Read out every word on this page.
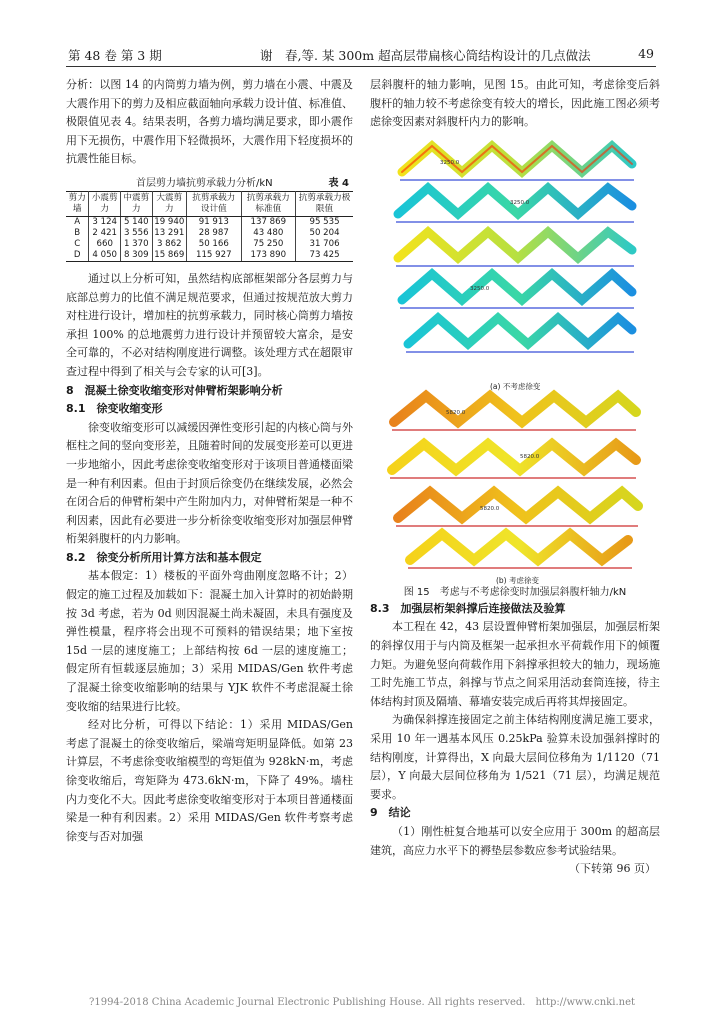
第 48 卷 第 3 期	谢　春,等. 某 300m 超高层带扁核心筒结构设计的几点做法	49

分析：以图 14 的内筒剪力墙为例，剪力墙在小震、中震及大震作用下的剪力及相应截面轴向承载力设计值、标准值、极限值见表 4。结果表明，各剪力墙均满足要求，即小震作用下无损伤，中震作用下轻微损坏，大震作用下轻度损坏的抗震性能目标。

首层剪力墙抗剪承载力分析/kN	表 4
剪力墙	小震剪力	中震剪力	大震剪力	抗剪承载力设计值	抗剪承载力标准值	抗剪承载力极限值
A	3 124	5 140	19 940	91 913	137 869	95 535
B	2 421	3 556	13 291	28 987	43 480	50 204
C	660	1 370	3 862	50 166	75 250	31 706
D	4 050	8 309	15 869	115 927	173 890	73 425

通过以上分析可知，虽然结构底部框架部分各层剪力与底部总剪力的比值不满足规范要求，但通过按规范放大剪力对柱进行设计，增加柱的抗剪承载力，同时核心筒剪力墙按承担 100% 的总地震剪力进行设计并预留较大富余，是安全可靠的，不必对结构刚度进行调整。该处理方式在超限审查过程中得到了相关与会专家的认可[3]。

8　混凝土徐变收缩变形对伸臂桁架影响分析

8.1　徐变收缩变形

徐变收缩变形可以减缓因弹性变形引起的内核心筒与外框柱之间的竖向变形差，且随着时间的发展变形差可以更进一步地缩小，因此考虑徐变收缩变形对于该项目普通楼面梁是一种有利因素。但由于封顶后徐变仍在继续发展，必然会在闭合后的伸臂桁架中产生附加内力，对伸臂桁架是一种不利因素，因此有必要进一步分析徐变收缩变形对加强层伸臂桁架斜腹杆的内力影响。

8.2　徐变分析所用计算方法和基本假定

基本假定：1）楼板的平面外弯曲刚度忽略不计；2）假定的施工过程及加载如下：混凝土加入计算时的初始龄期按 3d 考虑，若为 0d 则因混凝土尚未凝固，未具有强度及弹性模量，程序将会出现不可预料的错误结果；地下室按 15d 一层的速度施工；上部结构按 6d 一层的速度施工；假定所有恒载逐层施加；3）采用 MIDAS/Gen 软件考虑了混凝土徐变收缩影响的结果与 YJK 软件不考虑混凝土徐变收缩的结果进行比较。

经对比分析，可得以下结论：1）采用 MIDAS/Gen 考虑了混凝土的徐变收缩后，梁端弯矩明显降低。如第 23 计算层，不考虑徐变收缩模型的弯矩值为 928kN·m，考虑徐变收缩后，弯矩降为 473.6kN·m，下降了 49%。墙柱内力变化不大。因此考虑徐变收缩变形对于本项目普通楼面梁是一种有利因素。2）采用 MIDAS/Gen 软件考察考虑徐变与否对加强

层斜腹杆的轴力影响，见图 15。由此可知，考虑徐变后斜腹杆的轴力较不考虑徐变有较大的增长，因此施工图必须考虑徐变因素对斜腹杆内力的影响。

3250.0
3250.0
3250.0
5820.0
5820.0
5820.0
(a) 不考虑徐变
(b) 考虑徐变

图 15　考虑与不考虑徐变时加强层斜腹杆轴力/kN

8.3　加强层桁架斜撑后连接做法及验算

本工程在 42，43 层设置伸臂桁架加强层，加强层桁架的斜撑仅用于与内筒及框架一起承担水平荷载作用下的倾覆力矩。为避免竖向荷载作用下斜撑承担较大的轴力，现场施工时先施工节点，斜撑与节点之间采用活动套筒连接，待主体结构封顶及隔墙、幕墙安装完成后再将其焊接固定。

为确保斜撑连接固定之前主体结构刚度满足施工要求，采用 10 年一遇基本风压 0.25kPa 验算未设加强斜撑时的结构刚度，计算得出，X 向最大层间位移角为 1/1120（71 层），Y 向最大层间位移角为 1/521（71 层），均满足规范要求。

9　结论

（1）刚性桩复合地基可以安全应用于 300m 的超高层建筑，高应力水平下的褥垫层参数应参考试验结果。

（下转第 96 页）

?1994-2018 China Academic Journal Electronic Publishing House. All rights reserved.　http://www.cnki.net
